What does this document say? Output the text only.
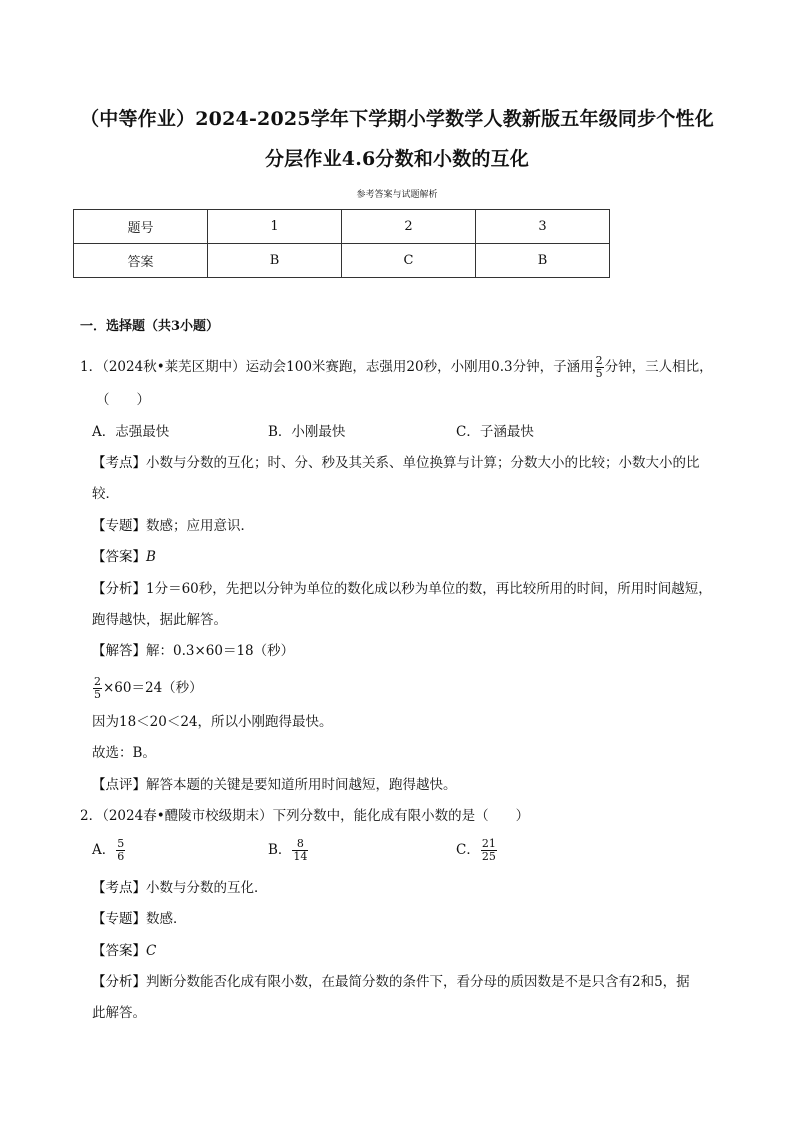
（中等作业）2024-2025学年下学期小学数学人教新版五年级同步个性化
分层作业4.6分数和小数的互化
参考答案与试题解析
题号	1	2	3
答案	B	C	B
一．选择题（共3小题）
1．（2024秋•莱芜区期中）运动会100米赛跑，志强用20秒，小刚用0.3分钟，子涵用 $\frac{2}{5}$ 分钟，三人相比，
（　　）
A．志强最快	B．小刚最快	C．子涵最快
【考点】小数与分数的互化；时、分、秒及其关系、单位换算与计算；分数大小的比较；小数大小的比
较．
【专题】数感；应用意识．
【答案】B
【分析】1分＝60秒，先把以分钟为单位的数化成以秒为单位的数，再比较所用的时间，所用时间越短，
跑得越快，据此解答。
【解答】解：0.3×60＝18（秒）
$\frac{2}{5} \times 60=24$（秒）
因为18＜20＜24，所以小刚跑得最快。
故选：B。
【点评】解答本题的关键是要知道所用时间越短，跑得越快。
2．（2024春•醴陵市校级期末）下列分数中，能化成有限小数的是（　　）
A． $\frac{5}{6}$	B． $\frac{8}{14}$	C． $\frac{21}{25}$
【考点】小数与分数的互化．
【专题】数感．
【答案】C
【分析】判断分数能否化成有限小数，在最简分数的条件下，看分母的质因数是不是只含有2和5，据
此解答。
